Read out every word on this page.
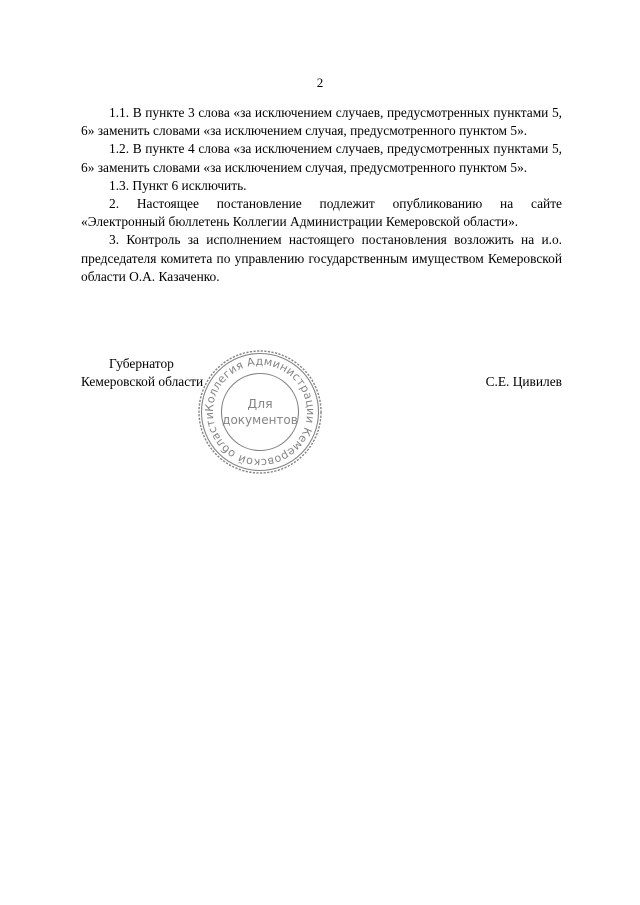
2

1.1. В пункте 3 слова «за исключением случаев, предусмотренных пунктами 5, 6» заменить словами «за исключением случая, предусмотренного пунктом 5».

1.2. В пункте 4 слова «за исключением случаев, предусмотренных пунктами 5, 6» заменить словами «за исключением случая, предусмотренного пунктом 5».

1.3. Пункт 6 исключить.

2. Настоящее постановление подлежит опубликованию на сайте «Электронный бюллетень Коллегии Администрации Кемеровской области».

3. Контроль за исполнением настоящего постановления возложить на и.о. председателя комитета по управлению государственным имуществом Кемеровской области О.А. Казаченко.

Губернатор
Кемеровской области	С.Е. Цивилев
Коллегия Администрации Кемеровской области
Для
документов
